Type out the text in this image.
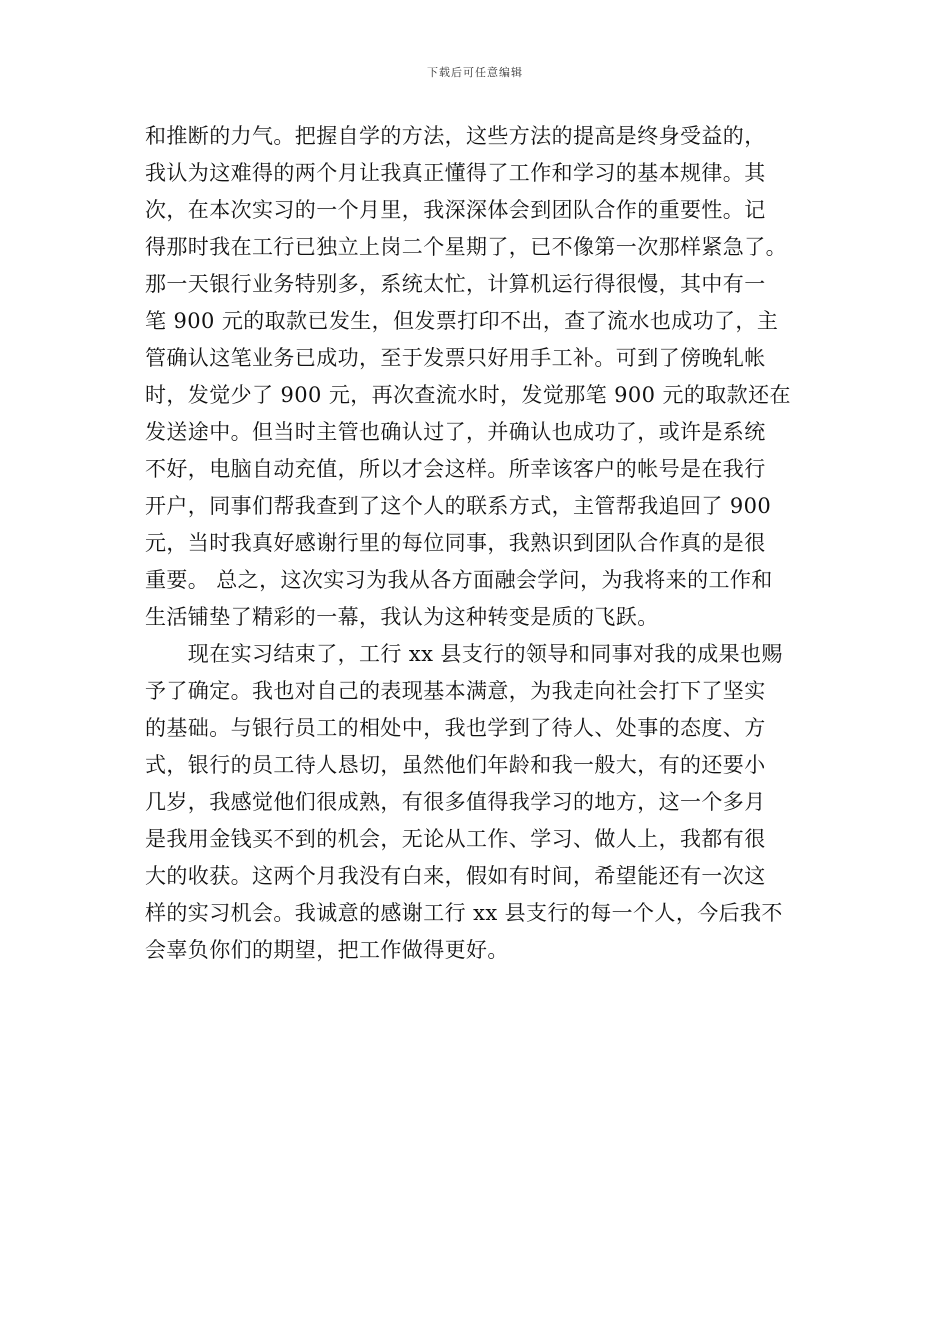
下载后可任意编辑
和推断的力气。把握自学的方法，这些方法的提高是终身受益的，
我认为这难得的两个月让我真正懂得了工作和学习的基本规律。其
次，在本次实习的一个月里，我深深体会到团队合作的重要性。记
得那时我在工行已独立上岗二个星期了，已不像第一次那样紧急了。
那一天银行业务特别多，系统太忙，计算机运行得很慢，其中有一
笔 900 元的取款已发生，但发票打印不出，查了流水也成功了，主
管确认这笔业务已成功，至于发票只好用手工补。可到了傍晚轧帐
时，发觉少了 900 元，再次查流水时，发觉那笔 900 元的取款还在
发送途中。但当时主管也确认过了，并确认也成功了，或许是系统
不好，电脑自动充值，所以才会这样。所幸该客户的帐号是在我行
开户，同事们帮我查到了这个人的联系方式，主管帮我追回了 900
元，当时我真好感谢行里的每位同事，我熟识到团队合作真的是很
重要。 总之，这次实习为我从各方面融会学问，为我将来的工作和
生活铺垫了精彩的一幕，我认为这种转变是质的飞跃。
　　现在实习结束了，工行 xx 县支行的领导和同事对我的成果也赐
予了确定。我也对自己的表现基本满意，为我走向社会打下了坚实
的基础。与银行员工的相处中，我也学到了待人、处事的态度、方
式，银行的员工待人恳切，虽然他们年龄和我一般大，有的还要小
几岁，我感觉他们很成熟，有很多值得我学习的地方，这一个多月
是我用金钱买不到的机会，无论从工作、学习、做人上，我都有很
大的收获。这两个月我没有白来，假如有时间，希望能还有一次这
样的实习机会。我诚意的感谢工行 xx 县支行的每一个人，今后我不
会辜负你们的期望，把工作做得更好。
